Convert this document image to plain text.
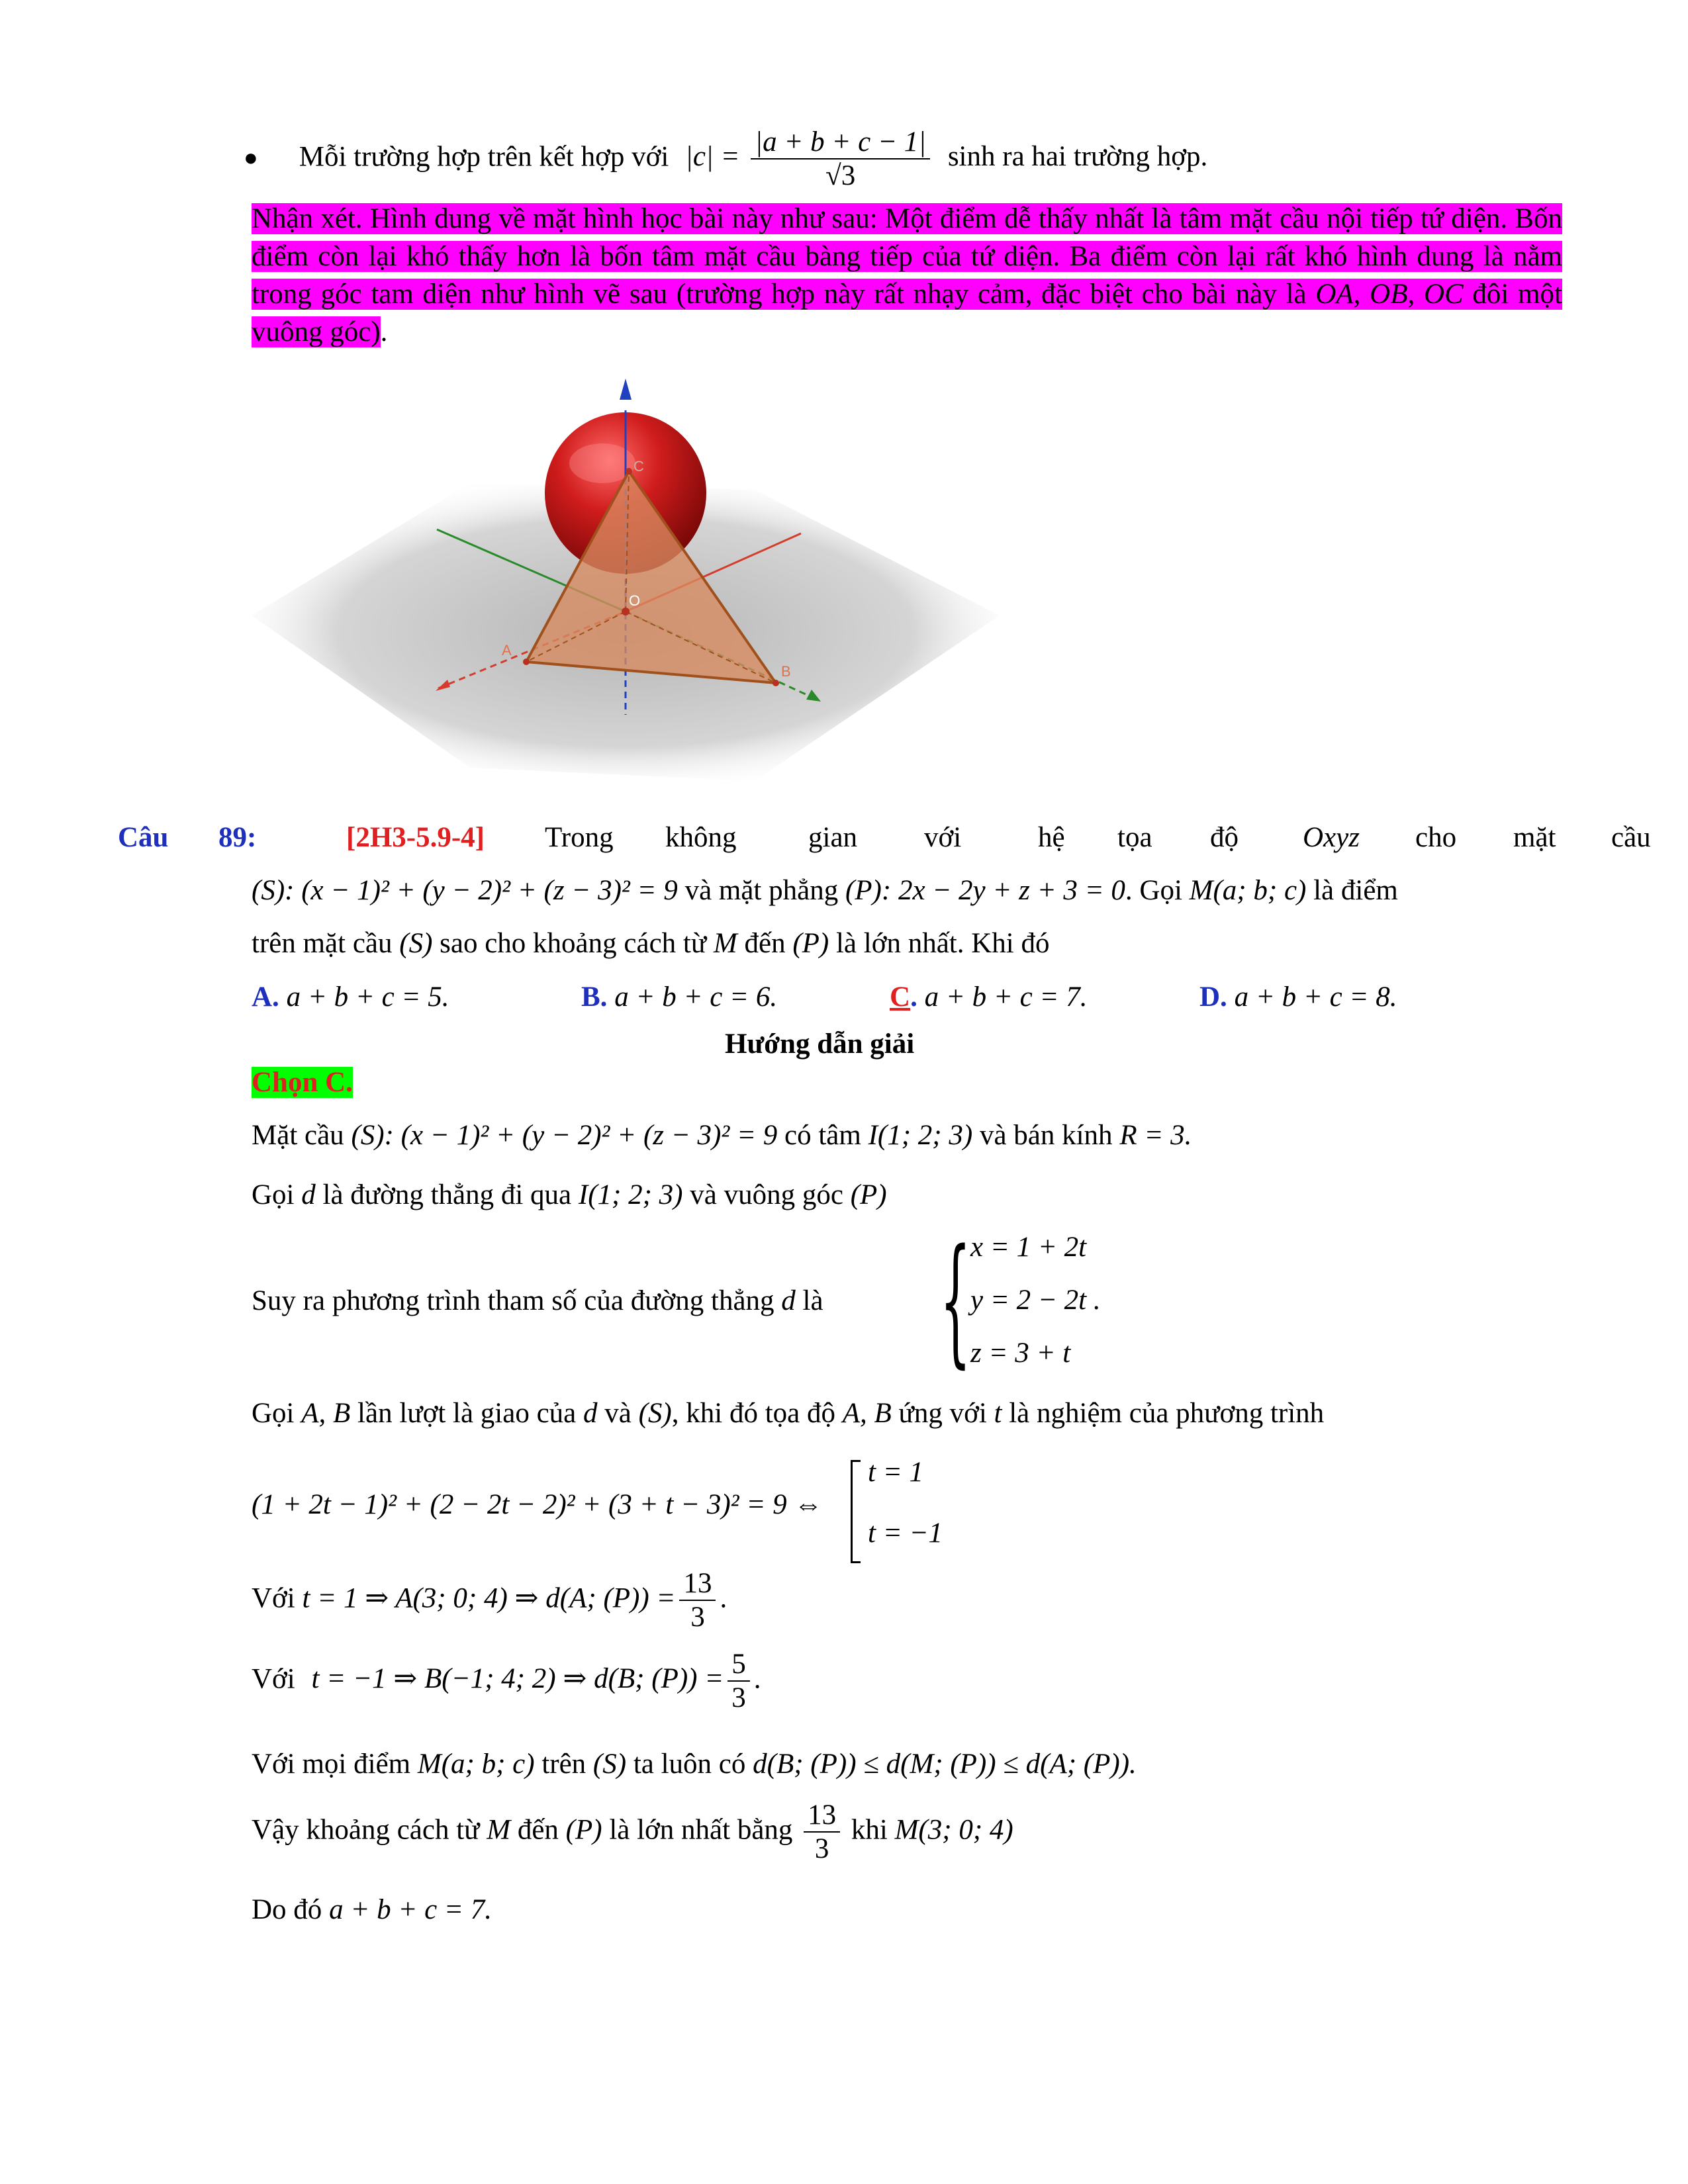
● Mỗi trường hợp trên kết hợp với $|c| = \frac{|a + b + c - 1|}{√3}$ sinh ra hai trường hợp.
Nhận xét. Hình dung về mặt hình học bài này như sau: Một điểm dễ thấy nhất là tâm mặt cầu nội tiếp tứ diện. Bốn điểm còn lại khó thấy hơn là bốn tâm mặt cầu bàng tiếp của tứ diện. Ba điểm còn lại rất khó hình dung là nằm trong góc tam diện như hình vẽ sau (trường hợp này rất nhạy cảm, đặc biệt cho bài này là OA, OB, OC đôi một vuông góc).
C
O
A
B
Câu 89:	[2H3-5.9-4] Trong không	gian với	hệ tọa độ Oxyz cho mặt cầu
(S): (x − 1)² + (y − 2)² + (z − 3)² = 9 và mặt phẳng (P): 2x − 2y + z + 3 = 0. Gọi M(a; b; c) là điểm
trên mặt cầu (S) sao cho khoảng cách từ M đến (P) là lớn nhất. Khi đó
A. a + b + c = 5.	B. a + b + c = 6.	C. a + b + c = 7.	D. a + b + c = 8.
Hướng dẫn giải
Chọn C.
Mặt cầu (S): (x − 1)² + (y − 2)² + (z − 3)² = 9 có tâm I(1; 2; 3) và bán kính R = 3.
Gọi d là đường thẳng đi qua I(1; 2; 3) và vuông góc (P)
Suy ra phương trình tham số của đường thẳng d là { x = 1 + 2t
y = 2 − 2t .
z = 3 + t
Gọi A, B lần lượt là giao của d và (S), khi đó tọa độ A, B ứng với t là nghiệm của phương trình
(1 + 2t − 1)² + (2 − 2t − 2)² + (3 + t − 3)² = 9 ⇔
t = 1
t = −1
Với t = 1 ⇒ A(3; 0; 4) ⇒ d(A; $(P)) = \frac{13}{3}$ .
Với t = −1 ⇒ B(−1; 4; 2) ⇒ d(B; $(P)) = \frac{5}{3}$ .
Với mọi điểm M(a; b; c) trên (S) ta luôn có d(B; (P)) ≤ d(M; (P)) ≤ d(A; (P)).
Vậy khoảng cách từ M đến (P) là lớn nhất bằng $\frac{13}{3}$ khi M(3; 0; 4)
Do đó a + b + c = 7.
